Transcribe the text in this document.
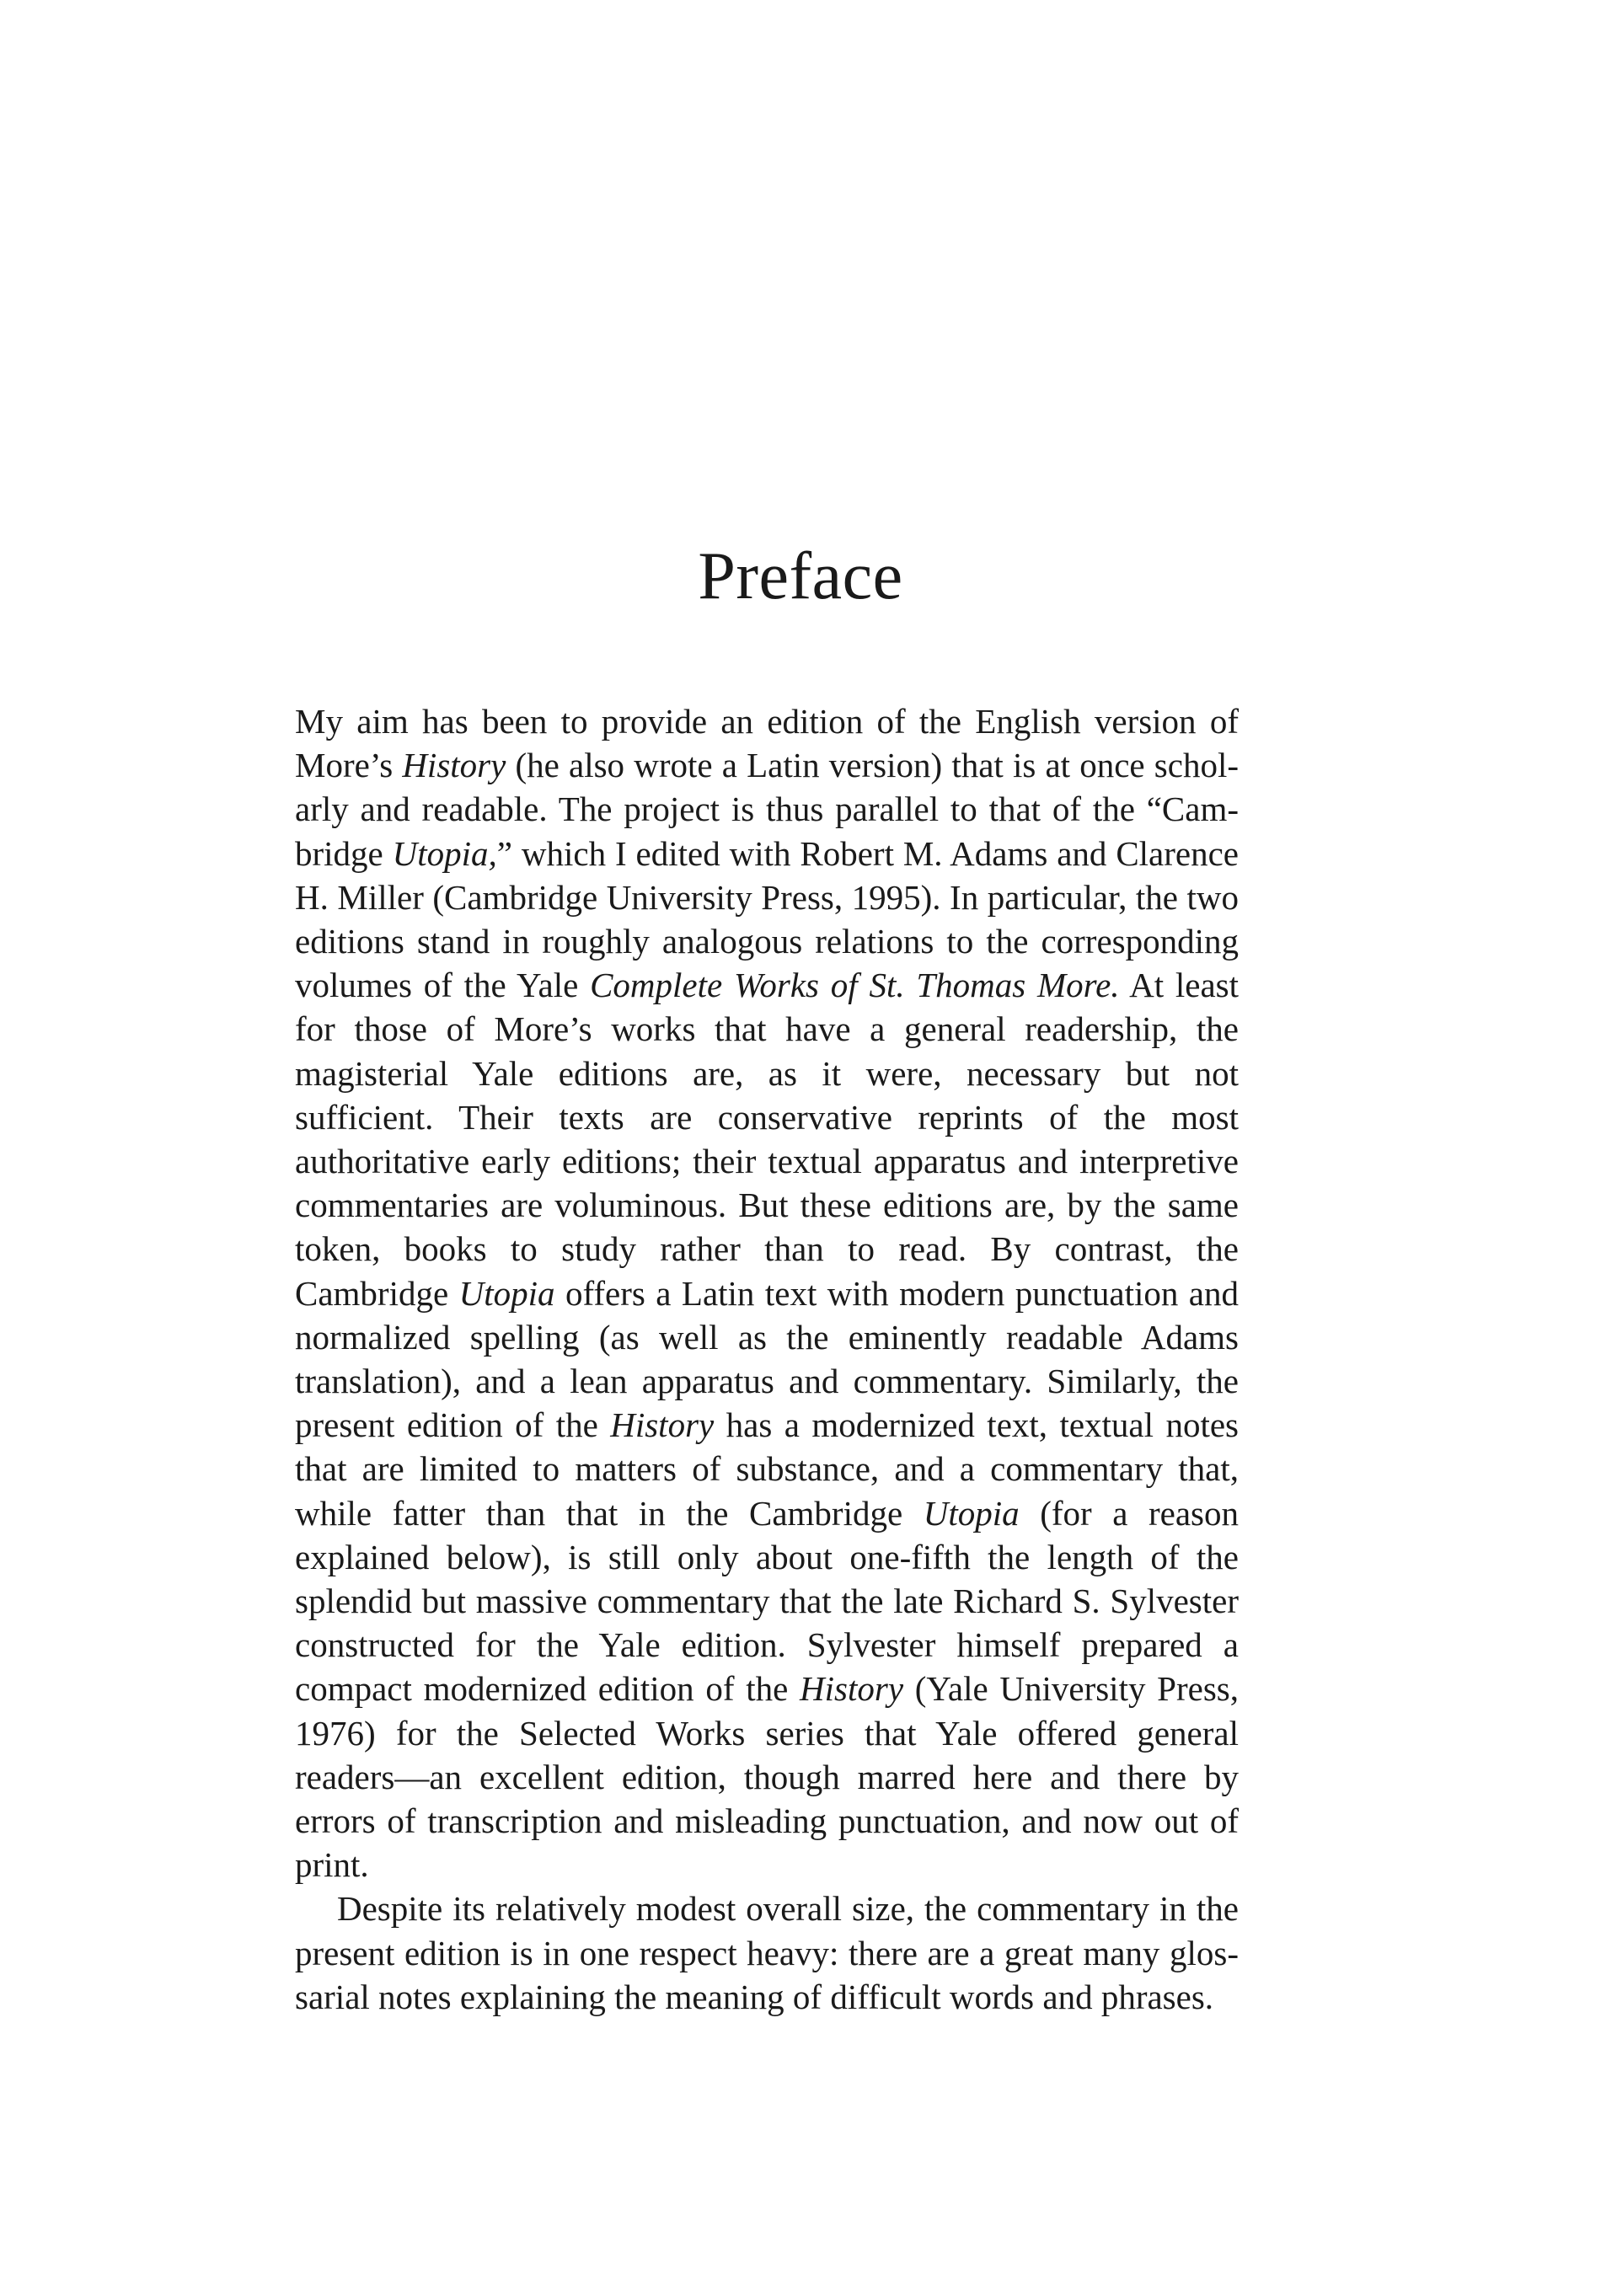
Preface

My aim has been to provide an edition of the English version of More’s History (he also wrote a Latin version) that is at once scholarly and readable. The project is thus parallel to that of the “Cambridge Utopia,” which I edited with Robert M. Adams and Clarence H. Miller (Cambridge University Press, 1995). In particular, the two editions stand in roughly analogous relations to the corresponding volumes of the Yale Complete Works of St. Thomas More. At least for those of More’s works that have a general readership, the magisterial Yale editions are, as it were, necessary but not sufficient. Their texts are conservative reprints of the most authoritative early editions; their textual apparatus and interpretive commentaries are voluminous. But these editions are, by the same token, books to study rather than to read. By contrast, the Cambridge Utopia offers a Latin text with modern punctuation and normalized spelling (as well as the eminently readable Adams translation), and a lean apparatus and commentary. Similarly, the present edition of the History has a modernized text, textual notes that are limited to matters of substance, and a commentary that, while fatter than that in the Cambridge Utopia (for a reason explained below), is still only about one-fifth the length of the splendid but massive commentary that the late Richard S. Sylvester constructed for the Yale edition. Sylvester himself prepared a compact modernized edition of the History (Yale University Press, 1976) for the Selected Works series that Yale offered general readers—an excellent edition, though marred here and there by errors of transcription and misleading punctuation, and now out of print.

Despite its relatively modest overall size, the commentary in the present edition is in one respect heavy: there are a great many glossarial notes explaining the meaning of difficult words and phrases.
